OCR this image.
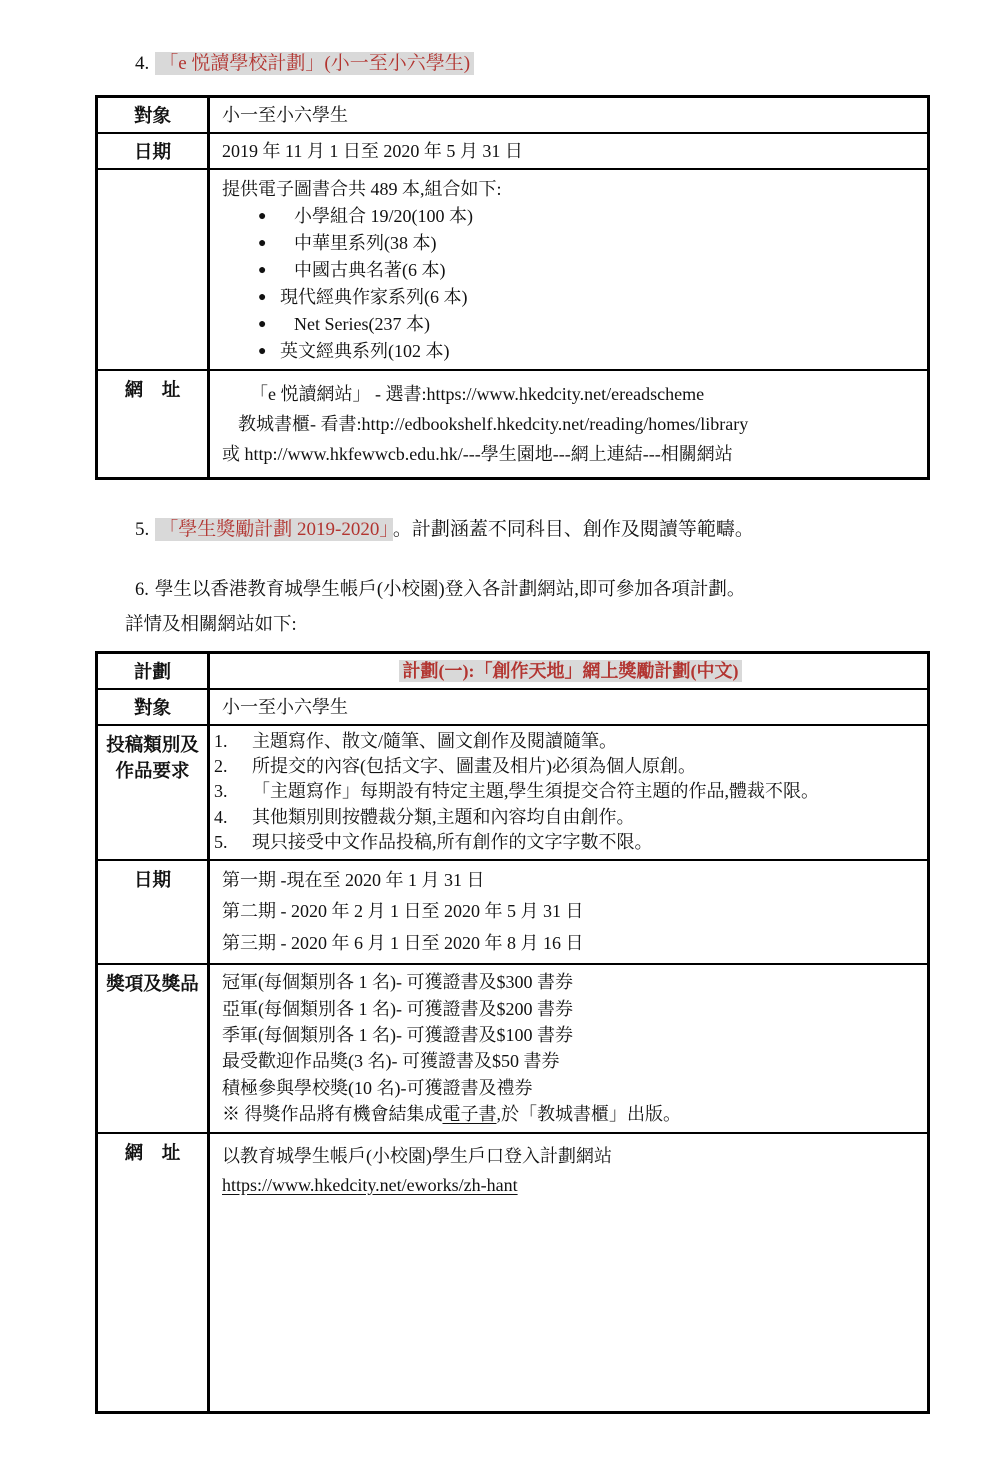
4. 「e 悦讀學校計劃」(小一至小六學生)
對象	小一至小六學生
日期	2019 年 11 月 1 日至 2020 年 5 月 31 日
提供電子圖書合共 489 本,組合如下:
●	小學組合 19/20(100 本)
●	中華里系列(38 本)
●	中國古典名著(6 本)
● 現代經典作家系列(6 本)
●	Net Series(237 本)
● 英文經典系列(102 本)
網　址	「e 悦讀網站」 - 選書:https://www.hkedcity.net/ereadscheme
教城書櫃- 看書:http://edbookshelf.hkedcity.net/reading/homes/library
或 http://www.hkfewwcb.edu.hk/---學生園地---網上連結---相關網站
5. 「學生獎勵計劃 2019-2020」 。計劃涵蓋不同科目、創作及閱讀等範疇。
6. 學生以香港教育城學生帳戶(小校園)登入各計劃網站,即可參加各項計劃。
詳情及相關網站如下:
計劃	計劃(一):「創作天地」網上獎勵計劃(中文)
對象	小一至小六學生
投稿類別及
作品要求
1.	主題寫作、散文/隨筆、圖文創作及閱讀隨筆。
2.	所提交的內容(包括文字、圖畫及相片)必須為個人原創。
3.	「主題寫作」每期設有特定主題,學生須提交合符主題的作品,體裁不限。
4.	其他類別則按體裁分類,主題和內容均自由創作。
5.	現只接受中文作品投稿,所有創作的文字字數不限。
日期	第一期 -現在至 2020 年 1 月 31 日
第二期 - 2020 年 2 月 1 日至 2020 年 5 月 31 日
第三期 - 2020 年 6 月 1 日至 2020 年 8 月 16 日
獎項及獎品	冠軍(每個類別各 1 名)- 可獲證書及$300 書券
亞軍(每個類別各 1 名)- 可獲證書及$200 書券
季軍(每個類別各 1 名)- 可獲證書及$100 書券
最受歡迎作品獎(3 名)- 可獲證書及$50 書券
積極參與學校獎(10 名)-可獲證書及禮券
※ 得獎作品將有機會結集成電子書,於「教城書櫃」出版。
網　址	以教育城學生帳戶(小校園)學生戶口登入計劃網站
https://www.hkedcity.net/eworks/zh-hant
